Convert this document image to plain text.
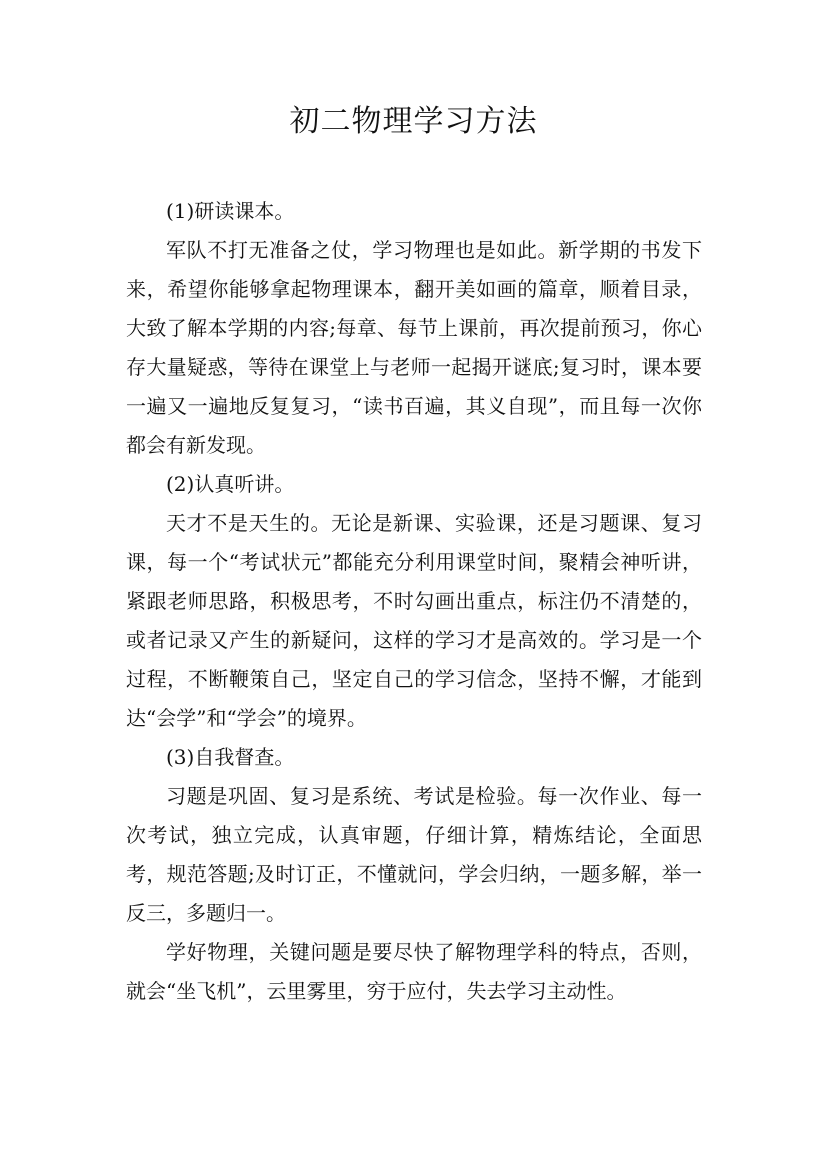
初二物理学习方法

(1)研读课本。

军队不打无准备之仗，学习物理也是如此。新学期的书发下来，希望你能够拿起物理课本，翻开美如画的篇章，顺着目录，大致了解本学期的内容;每章、每节上课前，再次提前预习，你心存大量疑惑，等待在课堂上与老师一起揭开谜底;复习时，课本要一遍又一遍地反复复习，“读书百遍，其义自现”，而且每一次你都会有新发现。

(2)认真听讲。

天才不是天生的。无论是新课、实验课，还是习题课、复习课，每一个“考试状元”都能充分利用课堂时间，聚精会神听讲，紧跟老师思路，积极思考，不时勾画出重点，标注仍不清楚的，或者记录又产生的新疑问，这样的学习才是高效的。学习是一个过程，不断鞭策自己，坚定自己的学习信念，坚持不懈，才能到达“会学”和“学会”的境界。

(3)自我督查。

习题是巩固、复习是系统、考试是检验。每一次作业、每一次考试，独立完成，认真审题，仔细计算，精炼结论，全面思考，规范答题;及时订正，不懂就问，学会归纳，一题多解，举一反三，多题归一。

学好物理，关键问题是要尽快了解物理学科的特点，否则，就会“坐飞机”，云里雾里，穷于应付，失去学习主动性。
